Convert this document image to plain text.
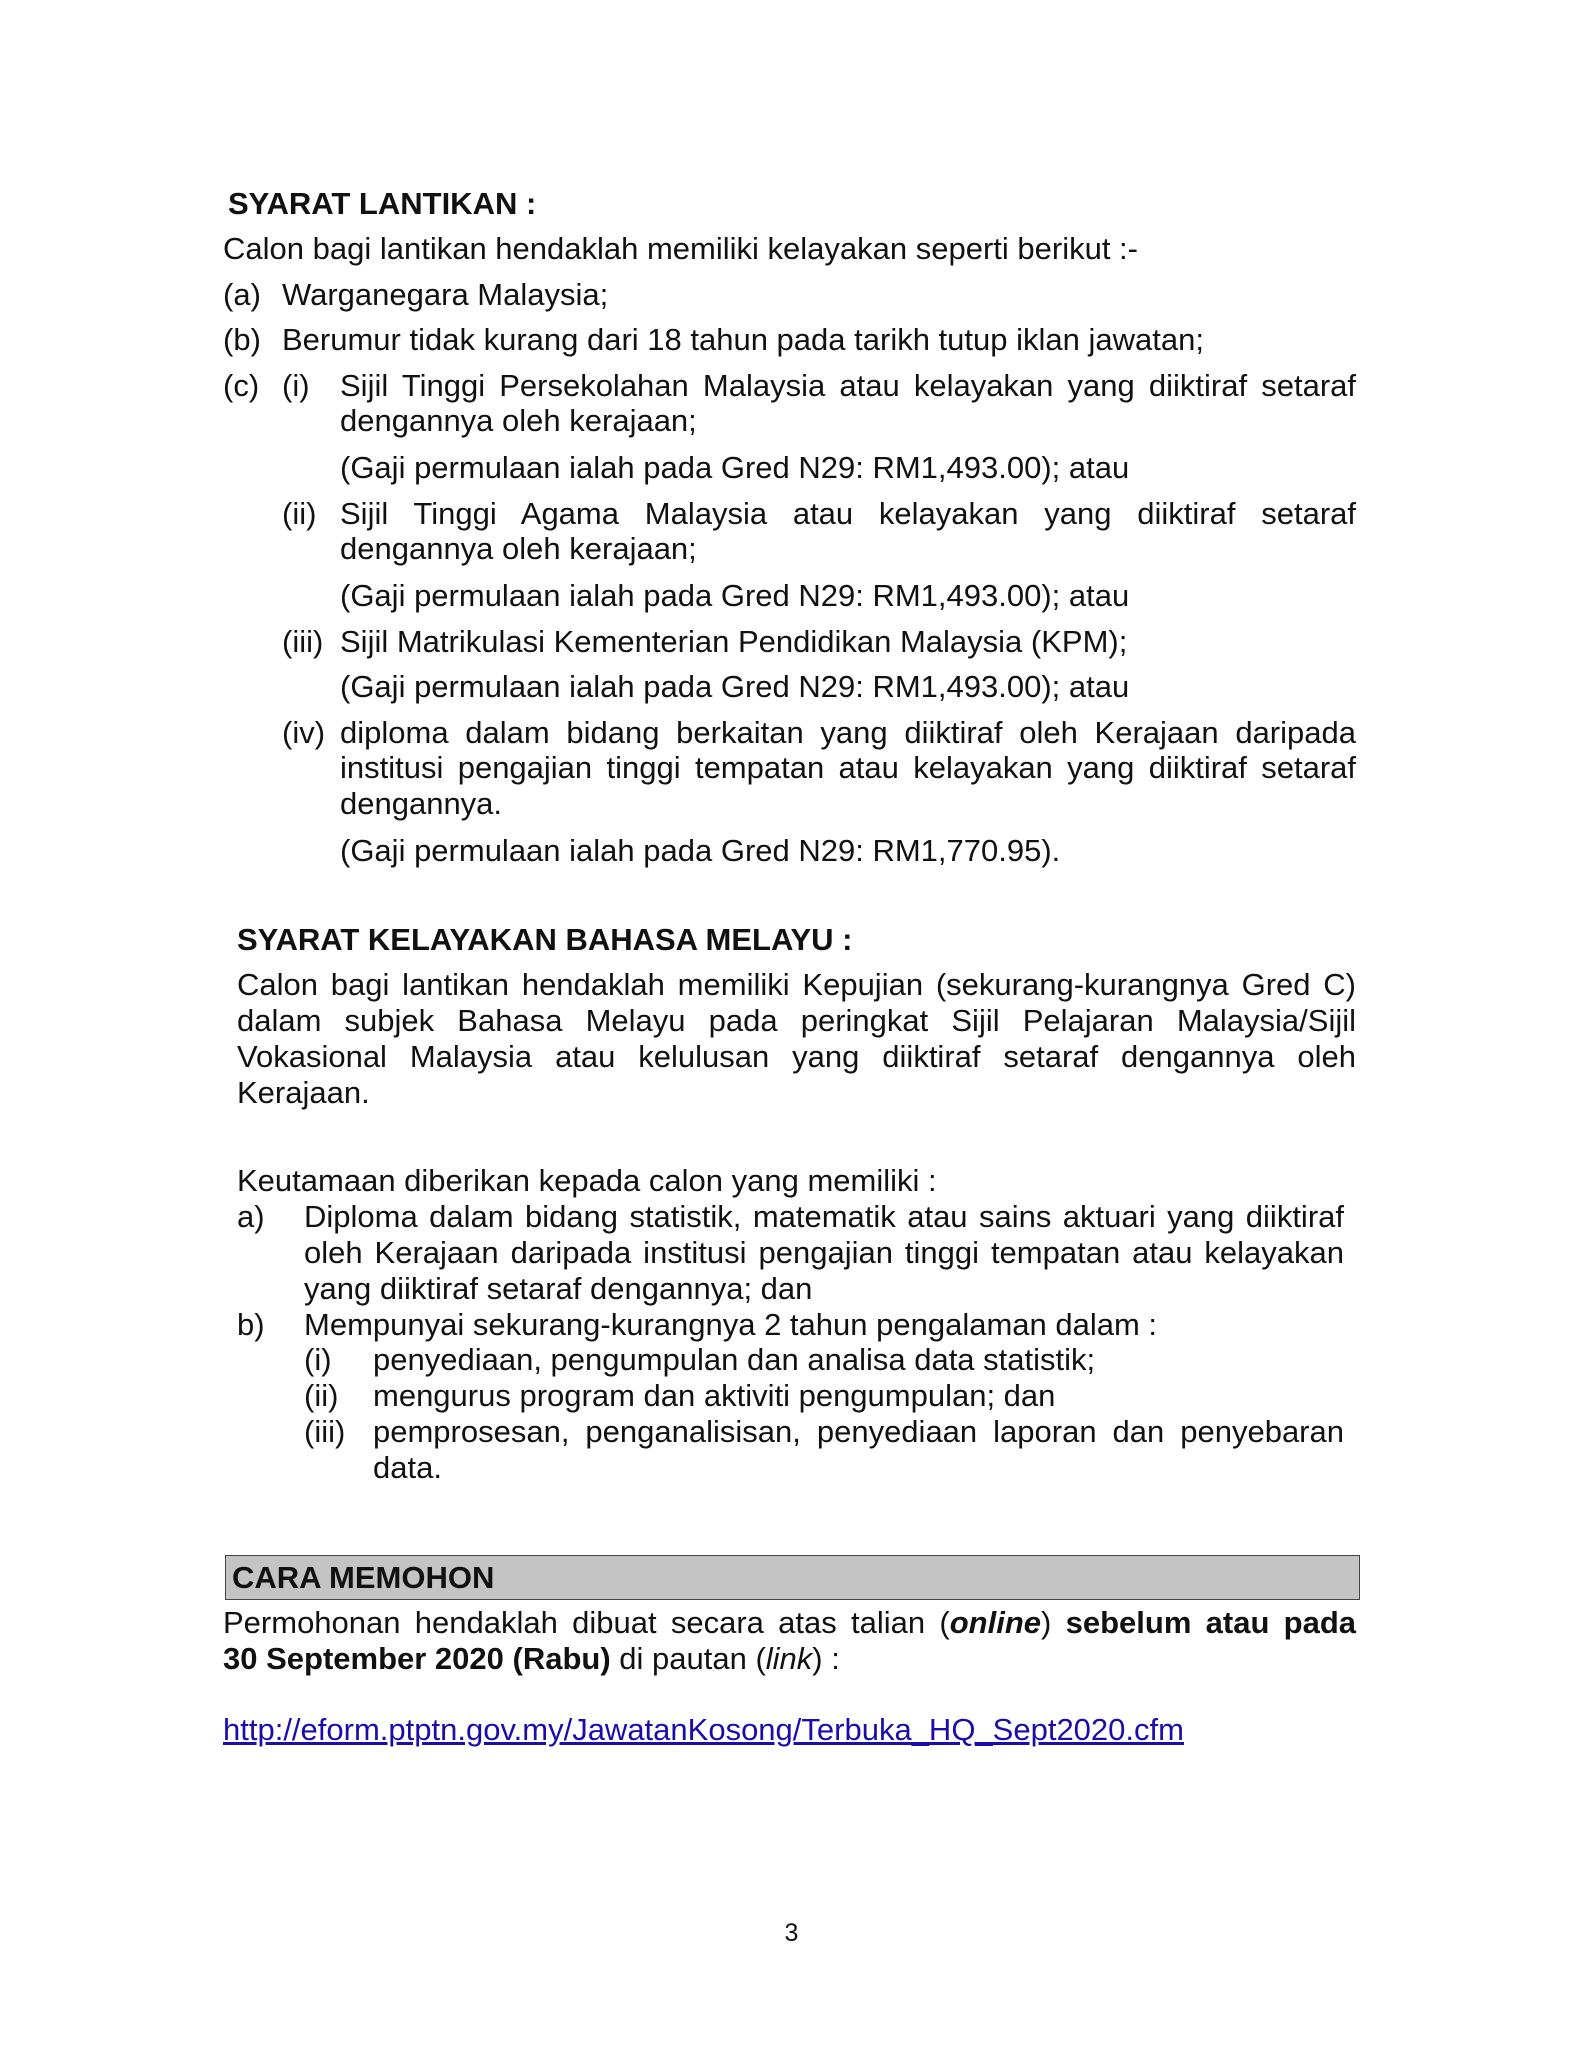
SYARAT LANTIKAN :
Calon bagi lantikan hendaklah memiliki kelayakan seperti berikut :-
(a) Warganegara Malaysia;
(b) Berumur tidak kurang dari 18 tahun pada tarikh tutup iklan jawatan;
(c) (i) Sijil Tinggi Persekolahan Malaysia atau kelayakan yang diiktiraf setaraf
dengannya oleh kerajaan;
(Gaji permulaan ialah pada Gred N29: RM1,493.00); atau
(ii) Sijil Tinggi Agama Malaysia atau kelayakan yang diiktiraf setaraf
dengannya oleh kerajaan;
(Gaji permulaan ialah pada Gred N29: RM1,493.00); atau
(iii) Sijil Matrikulasi Kementerian Pendidikan Malaysia (KPM);
(Gaji permulaan ialah pada Gred N29: RM1,493.00); atau
(iv) diploma dalam bidang berkaitan yang diiktiraf oleh Kerajaan daripada
institusi pengajian tinggi tempatan atau kelayakan yang diiktiraf setaraf
dengannya.
(Gaji permulaan ialah pada Gred N29: RM1,770.95).
SYARAT KELAYAKAN BAHASA MELAYU :
Calon bagi lantikan hendaklah memiliki Kepujian (sekurang-kurangnya Gred C)
dalam subjek Bahasa Melayu pada peringkat Sijil Pelajaran Malaysia/Sijil
Vokasional Malaysia atau kelulusan yang diiktiraf setaraf dengannya oleh
Kerajaan.
Keutamaan diberikan kepada calon yang memiliki :
a) Diploma dalam bidang statistik, matematik atau sains aktuari yang diiktiraf
oleh Kerajaan daripada institusi pengajian tinggi tempatan atau kelayakan
yang diiktiraf setaraf dengannya; dan
b) Mempunyai sekurang-kurangnya 2 tahun pengalaman dalam :
(i) penyediaan, pengumpulan dan analisa data statistik;
(ii) mengurus program dan aktiviti pengumpulan; dan
(iii) pemprosesan, penganalisisan, penyediaan laporan dan penyebaran
data.
CARA MEMOHON
Permohonan hendaklah dibuat secara atas talian (online) sebelum atau pada
30 September 2020 (Rabu) di pautan (link) :
http://eform.ptptn.gov.my/JawatanKosong/Terbuka_HQ_Sept2020.cfm
3
